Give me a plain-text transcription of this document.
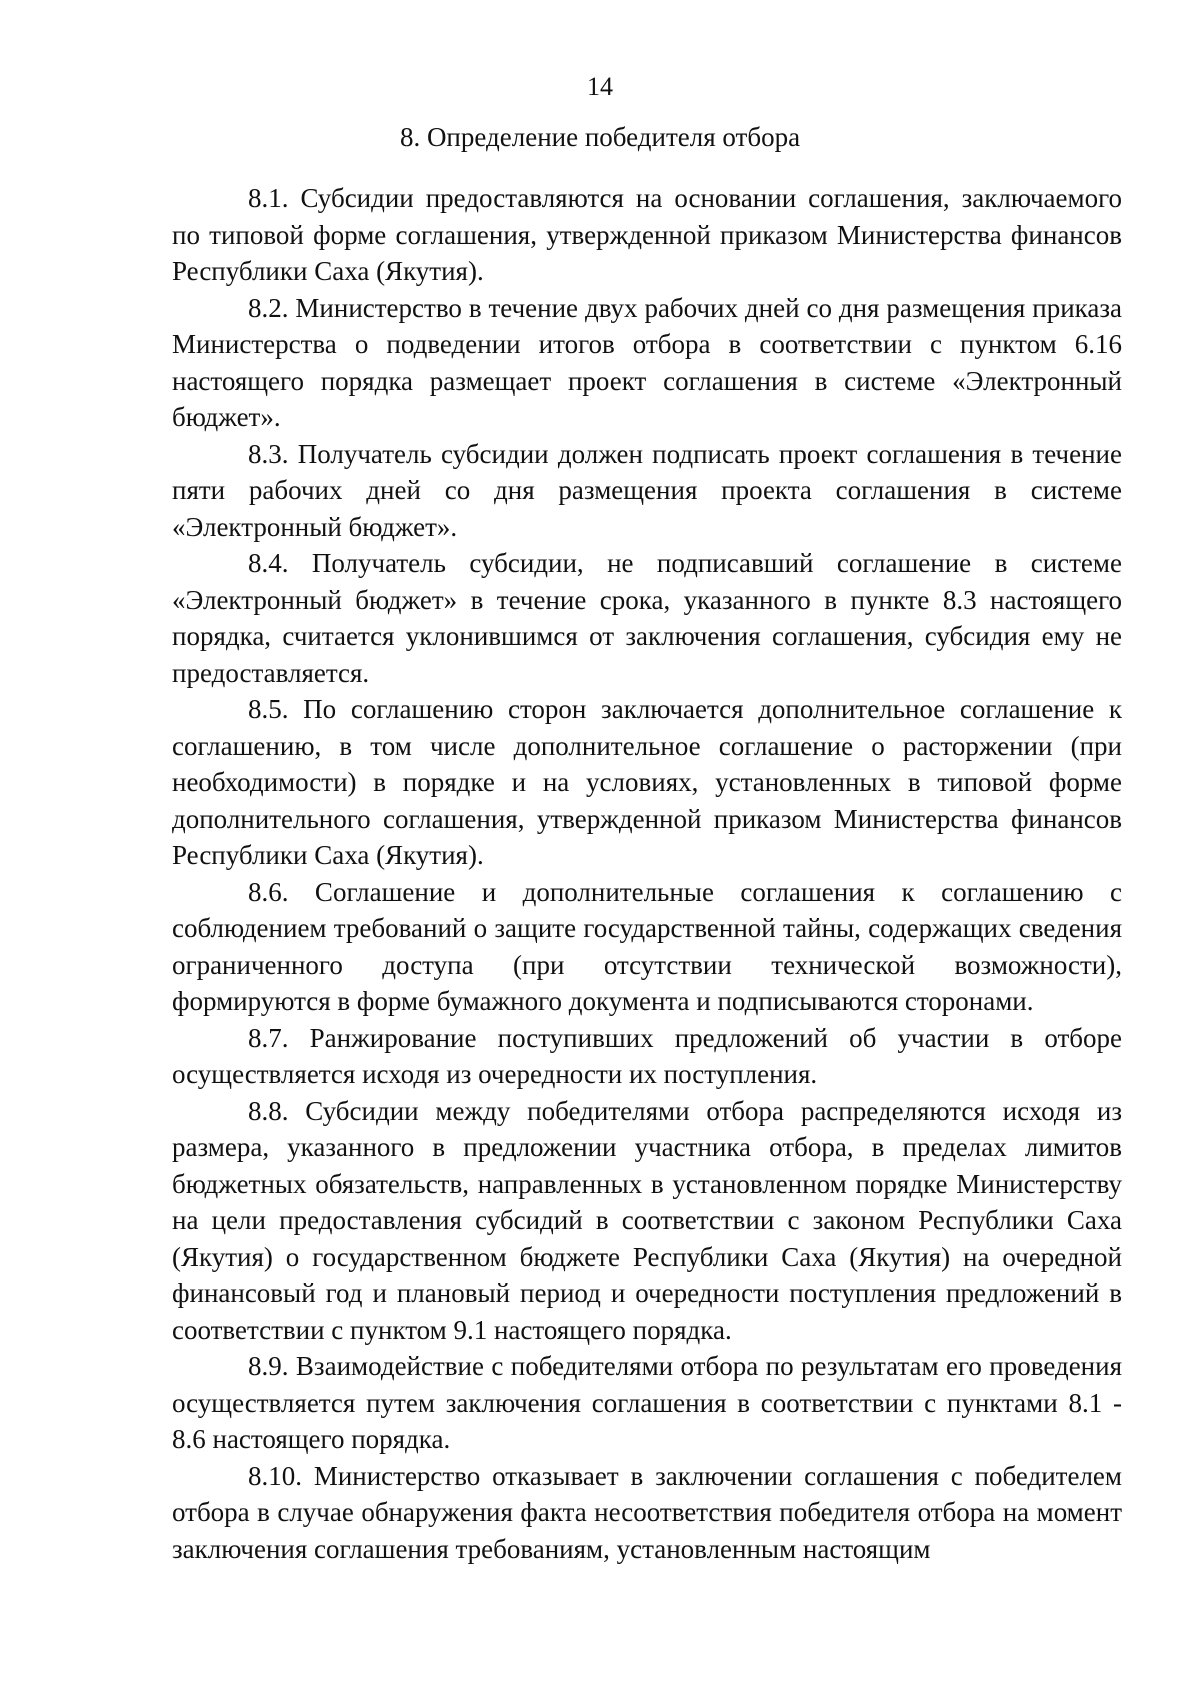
14
8. Определение победителя отбора

8.1. Субсидии предоставляются на основании соглашения, заключаемого по типовой форме соглашения, утвержденной приказом Министерства финансов Республики Саха (Якутия).

8.2. Министерство в течение двух рабочих дней со дня размещения приказа Министерства о подведении итогов отбора в соответствии с пунктом 6.16 настоящего порядка размещает проект соглашения в системе «Электронный бюджет».

8.3. Получатель субсидии должен подписать проект соглашения в течение пяти рабочих дней со дня размещения проекта соглашения в системе «Электронный бюджет».

8.4. Получатель субсидии, не подписавший соглашение в системе «Электронный бюджет» в течение срока, указанного в пункте 8.3 настоящего порядка, считается уклонившимся от заключения соглашения, субсидия ему не предоставляется.

8.5. По соглашению сторон заключается дополнительное соглашение к соглашению, в том числе дополнительное соглашение о расторжении (при необходимости) в порядке и на условиях, установленных в типовой форме дополнительного соглашения, утвержденной приказом Министерства финансов Республики Саха (Якутия).

8.6. Соглашение и дополнительные соглашения к соглашению с соблюдением требований о защите государственной тайны, содержащих сведения ограниченного доступа (при отсутствии технической возможности), формируются в форме бумажного документа и подписываются сторонами.

8.7. Ранжирование поступивших предложений об участии в отборе осуществляется исходя из очередности их поступления.

8.8. Субсидии между победителями отбора распределяются исходя из размера, указанного в предложении участника отбора, в пределах лимитов бюджетных обязательств, направленных в установленном порядке Министерству на цели предоставления субсидий в соответствии с законом Республики Саха (Якутия) о государственном бюджете Республики Саха (Якутия) на очередной финансовый год и плановый период и очередности поступления предложений в соответствии с пунктом 9.1 настоящего порядка.

8.9. Взаимодействие с победителями отбора по результатам его проведения осуществляется путем заключения соглашения в соответствии с пунктами 8.1 - 8.6 настоящего порядка.

8.10. Министерство отказывает в заключении соглашения с победителем отбора в случае обнаружения факта несоответствия победителя отбора на момент заключения соглашения требованиям, установленным настоящим
